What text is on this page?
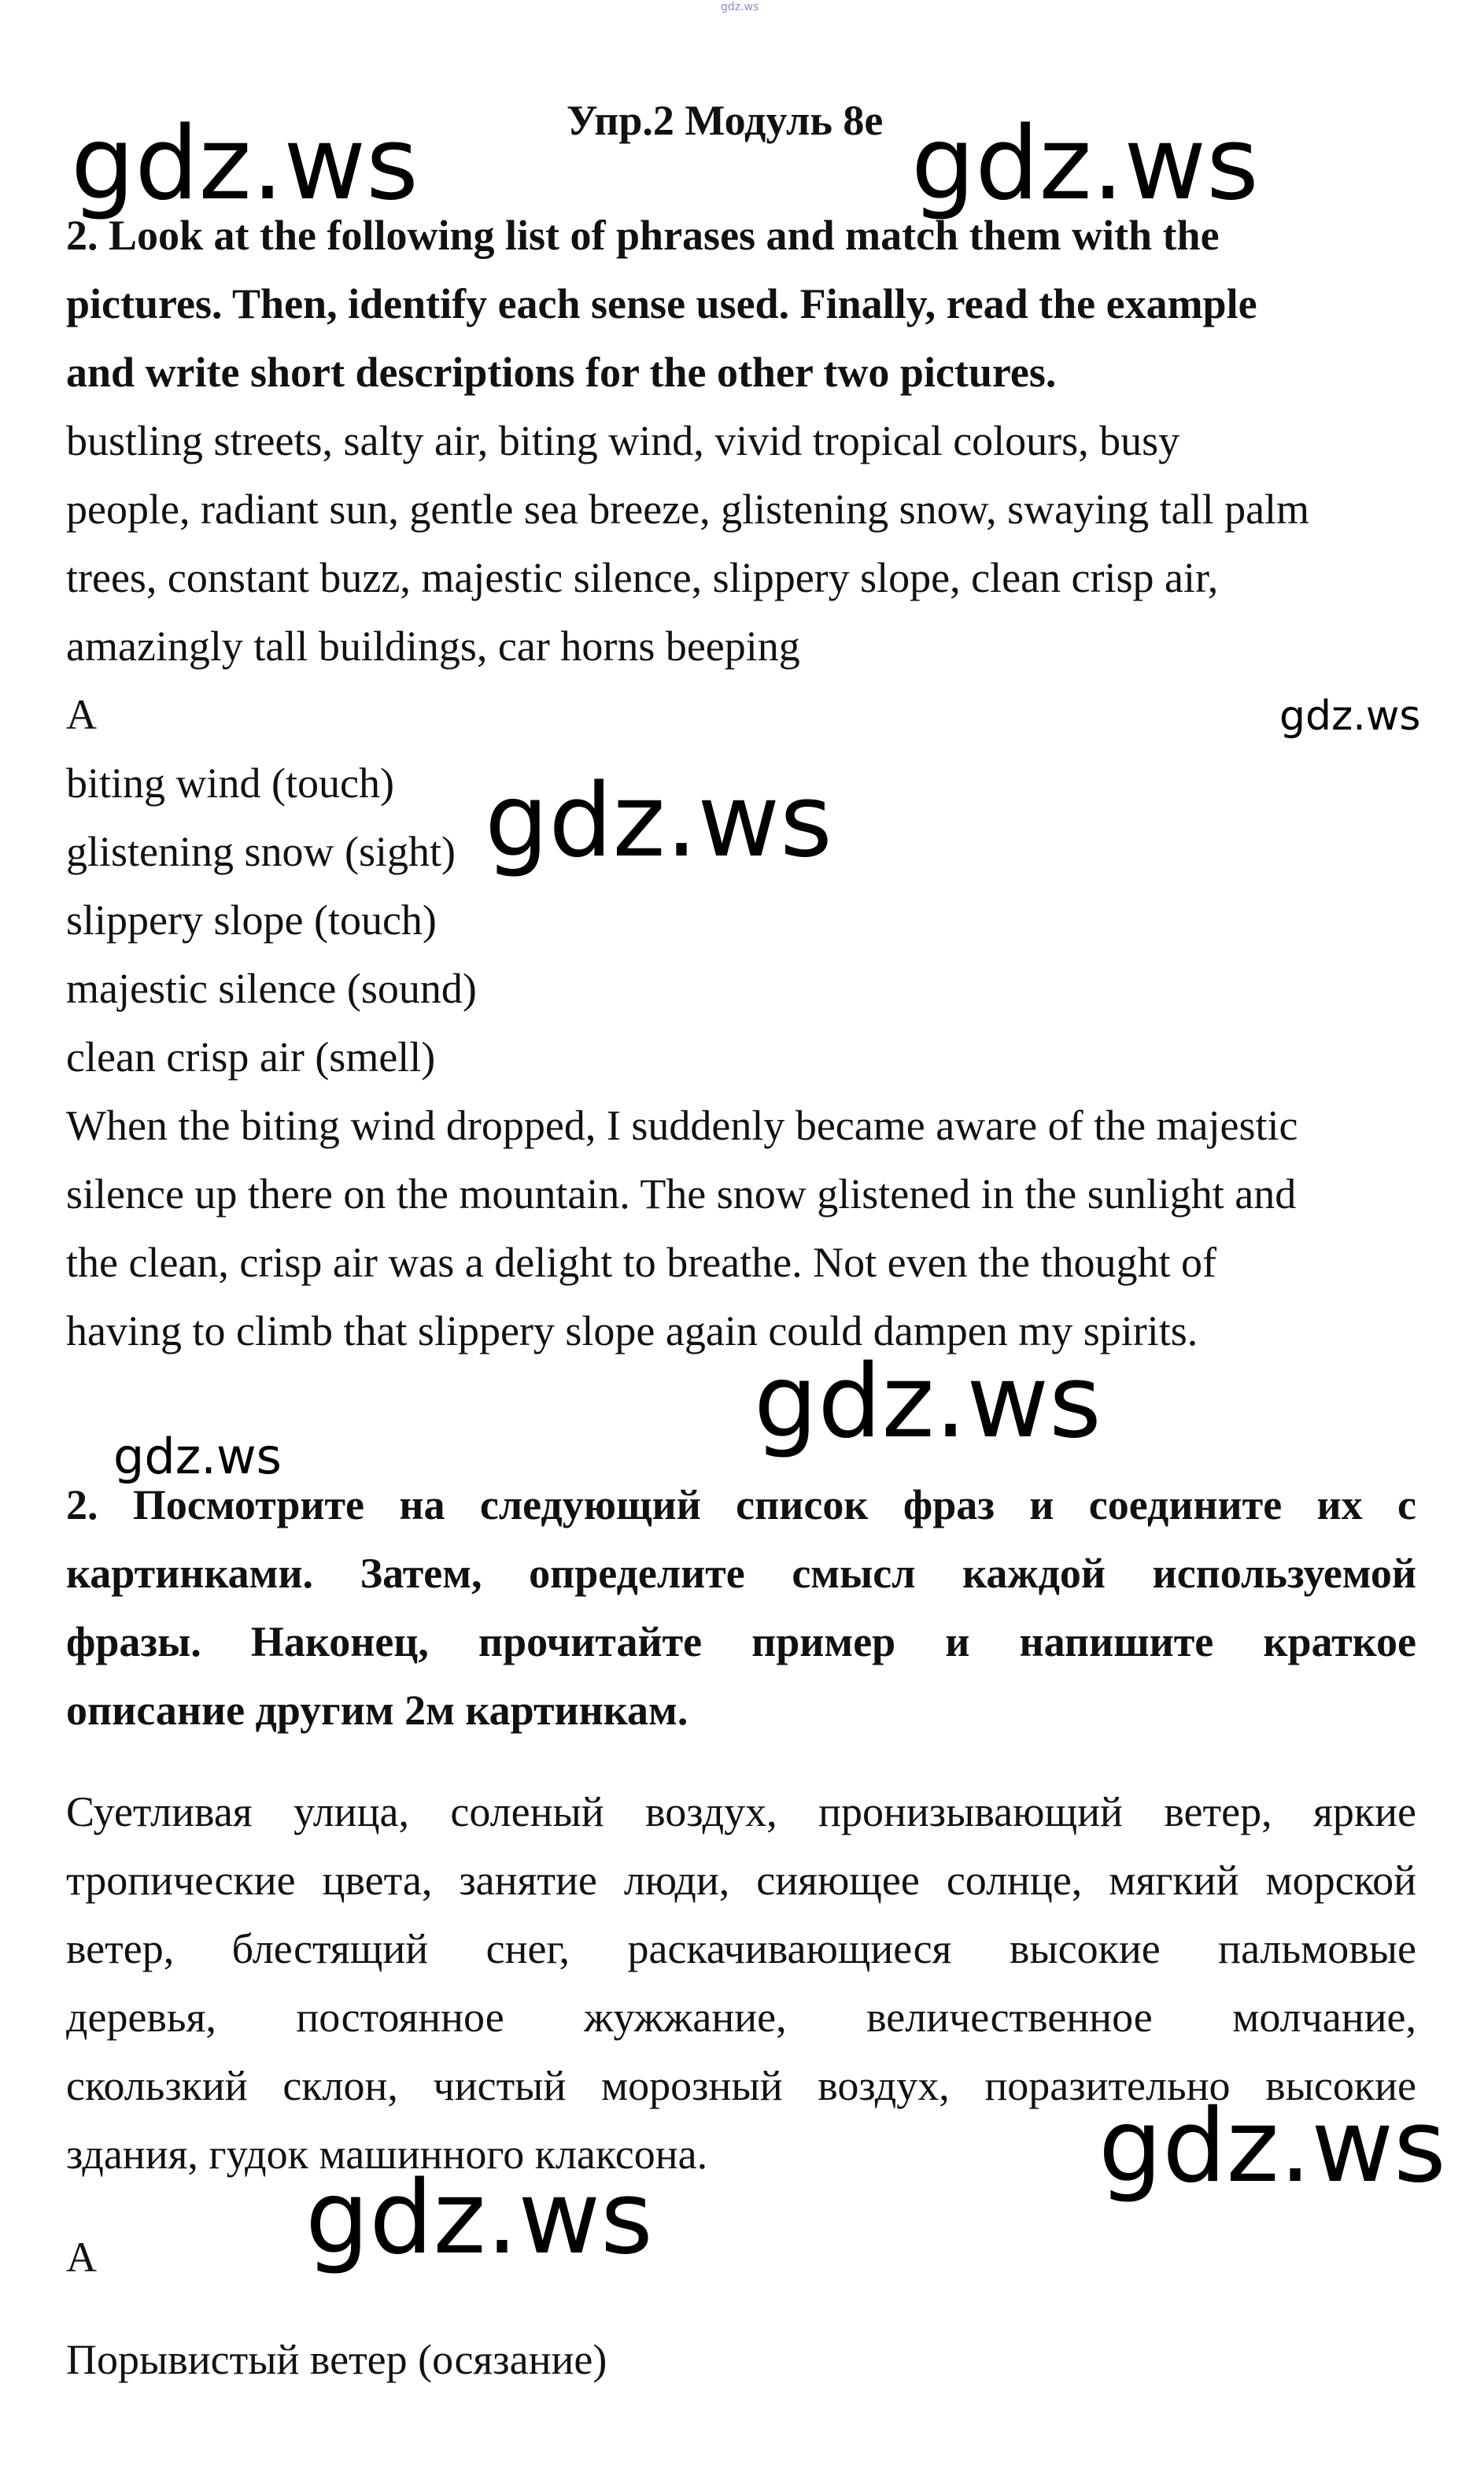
gdz.ws
Упр.2 Модуль 8е
2. Look at the following list of phrases and match them with the
pictures. Then, identify each sense used. Finally, read the example
and write short descriptions for the other two pictures.
bustling streets, salty air, biting wind, vivid tropical colours, busy
people, radiant sun, gentle sea breeze, glistening snow, swaying tall palm
trees, constant buzz, majestic silence, slippery slope, clean crisp air,
amazingly tall buildings, car horns beeping
A
biting wind (touch)
glistening snow (sight)
slippery slope (touch)
majestic silence (sound)
clean crisp air (smell)
When the biting wind dropped, I suddenly became aware of the majestic
silence up there on the mountain. The snow glistened in the sunlight and
the clean, crisp air was a delight to breathe. Not even the thought of
having to climb that slippery slope again could dampen my spirits.
2. Посмотрите на следующий список фраз и соедините их с
картинками. Затем, определите смысл каждой используемой
фразы. Наконец, прочитайте пример и напишите краткое
описание другим 2м картинкам.
Суетливая улица, соленый воздух, пронизывающий ветер, яркие
тропические цвета, занятие люди, сияющее солнце, мягкий морской
ветер, блестящий снег, раскачивающиеся высокие пальмовые
деревья, постоянное жужжание, величественное молчание,
скользкий склон, чистый морозный воздух, поразительно высокие
здания, гудок машинного клаксона.
A
Порывистый ветер (осязание)
gdz.ws	gdz.ws
gdz.ws
gdz.ws
gdz.ws
gdz.ws
gdz.ws
gdz.ws
